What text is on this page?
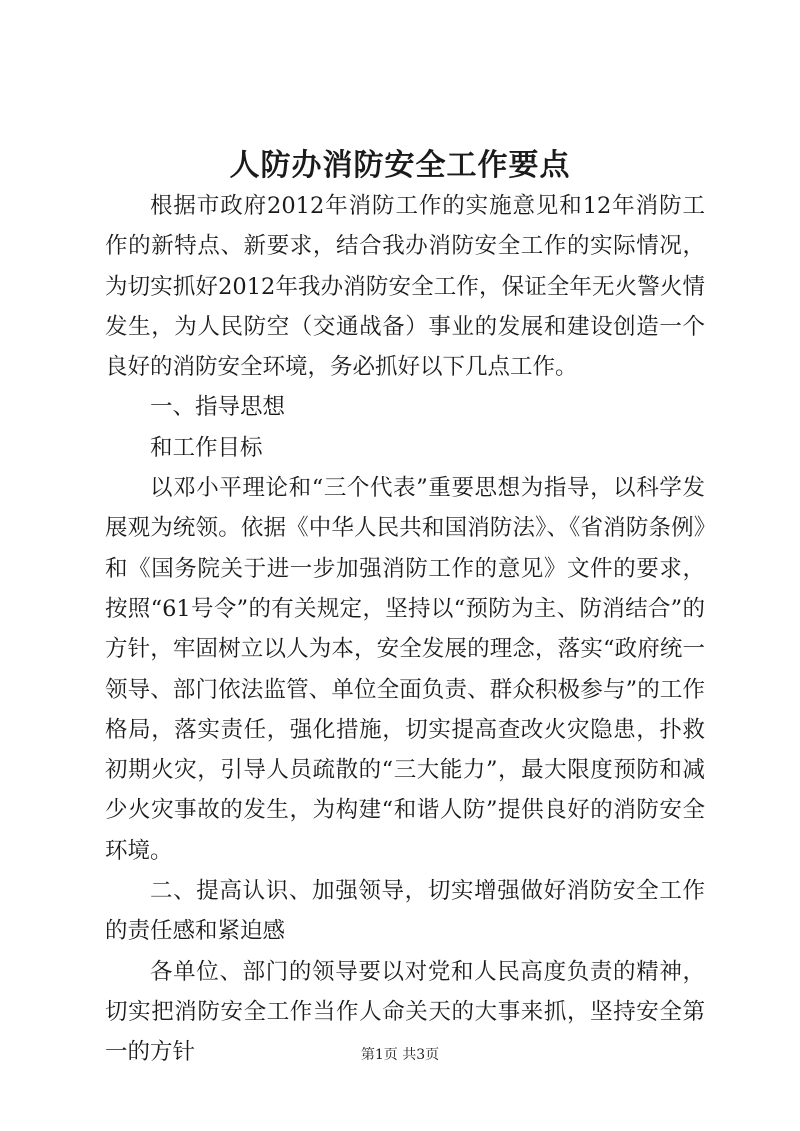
人防办消防安全工作要点

根据市政府2012年消防工作的实施意见和12年消防工作的新特点、新要求，结合我办消防安全工作的实际情况，为切实抓好2012年我办消防安全工作，保证全年无火警火情发生，为人民防空（交通战备）事业的发展和建设创造一个良好的消防安全环境，务必抓好以下几点工作。

一、指导思想

和工作目标

以邓小平理论和“三个代表”重要思想为指导，以科学发展观为统领。依据《中华人民共和国消防法》、《省消防条例》和《国务院关于进一步加强消防工作的意见》文件的要求，按照“61号令”的有关规定，坚持以“预防为主、防消结合”的方针，牢固树立以人为本，安全发展的理念，落实“政府统一领导、部门依法监管、单位全面负责、群众积极参与”的工作格局，落实责任，强化措施，切实提高查改火灾隐患，扑救初期火灾，引导人员疏散的“三大能力”，最大限度预防和减少火灾事故的发生，为构建“和谐人防”提供良好的消防安全环境。

二、提高认识、加强领导，切实增强做好消防安全工作的责任感和紧迫感

各单位、部门的领导要以对党和人民高度负责的精神，切实把消防安全工作当作人命关天的大事来抓，坚持安全第一的方针	第1页 共3页
